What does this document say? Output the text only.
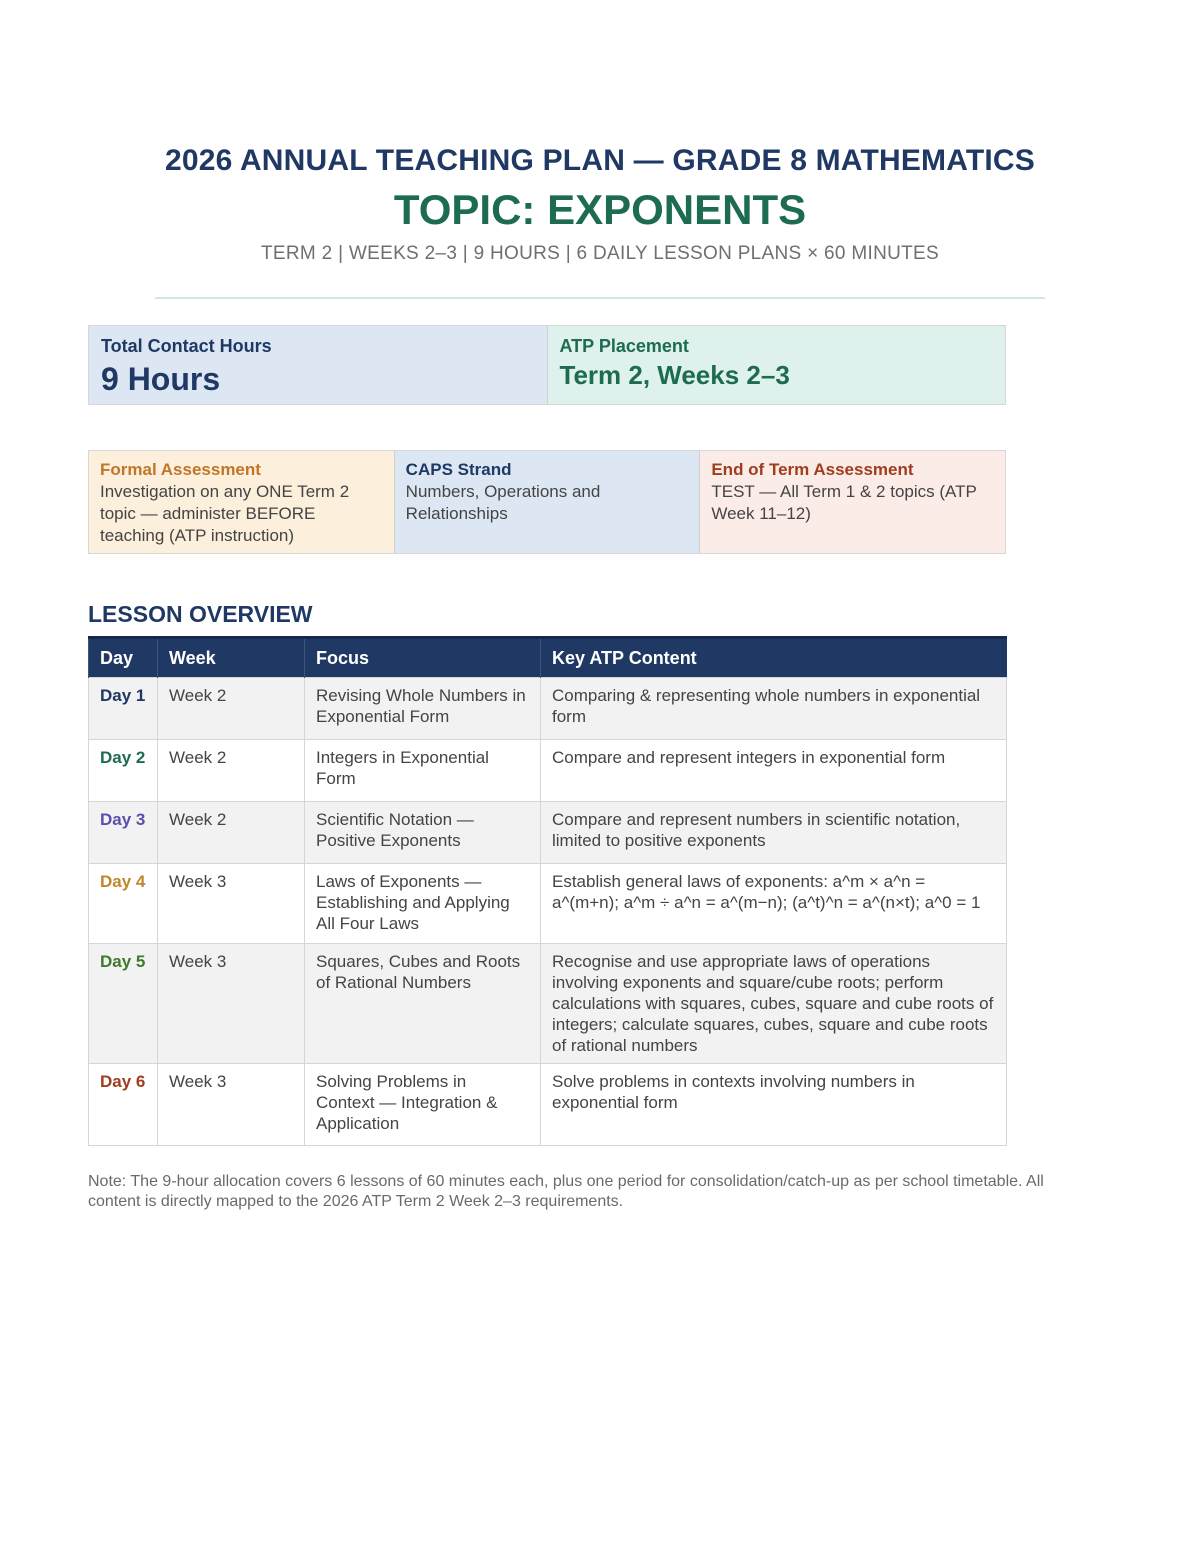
2026 ANNUAL TEACHING PLAN — GRADE 8 MATHEMATICS
TOPIC: EXPONENTS
TERM 2 | WEEKS 2–3 | 9 HOURS | 6 DAILY LESSON PLANS × 60 MINUTES
Total Contact Hours
9 Hours
ATP Placement
Term 2, Weeks 2–3
Formal Assessment
Investigation on any ONE Term 2 topic — administer BEFORE teaching (ATP instruction)
CAPS Strand
Numbers, Operations and Relationships
End of Term Assessment
TEST — All Term 1 & 2 topics (ATP Week 11–12)
LESSON OVERVIEW
Day	Week	Focus	Key ATP Content
Day 1	Week 2	Revising Whole Numbers in Exponential Form	Comparing & representing whole numbers in exponential form
Day 2	Week 2	Integers in Exponential Form	Compare and represent integers in exponential form
Day 3	Week 2	Scientific Notation — Positive Exponents	Compare and represent numbers in scientific notation, limited to positive exponents
Day 4	Week 3	Laws of Exponents — Establishing and Applying All Four Laws	Establish general laws of exponents: a^m × a^n = a^(m+n); a^m ÷ a^n = a^(m−n); (a^t)^n = a^(n×t); a^0 = 1
Day 5	Week 3	Squares, Cubes and Roots of Rational Numbers	Recognise and use appropriate laws of operations involving exponents and square/cube roots; perform calculations with squares, cubes, square and cube roots of integers; calculate squares, cubes, square and cube roots of rational numbers
Day 6	Week 3	Solving Problems in Context — Integration & Application	Solve problems in contexts involving numbers in exponential form
Note: The 9-hour allocation covers 6 lessons of 60 minutes each, plus one period for consolidation/catch-up as per school timetable. All content is directly mapped to the 2026 ATP Term 2 Week 2–3 requirements.
